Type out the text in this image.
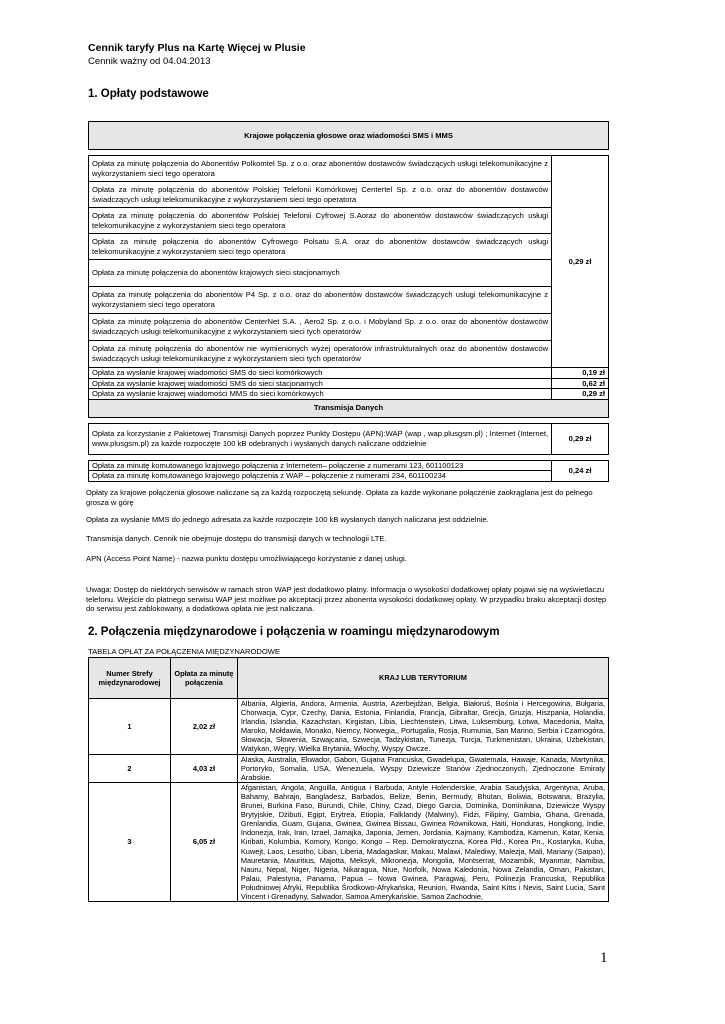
Cennik taryfy Plus na Kartę Więcej w Plusie
Cennik ważny od 04.04.2013
1. Opłaty podstawowe
Krajowe połączenia głosowe oraz wiadomości SMS i MMS	

Opłata za minutę połączenia do Abonentów Polkomtel Sp. z o.o. oraz abonentów dostawców świadczących usługi telekomunikacyjne z wykorzystaniem sieci tego operatora	0,29 zł
Opłata za minutę połączenia do abonentów Polskiej Telefonii Komórkowej Centertel Sp. z o.o. oraz do abonentów dostawców świadczących usługi telekomunikacyjne z wykorzystaniem sieci tego operatora	
Opłata za minutę połączenia do abonentów Polskiej Telefonii Cyfrowej S.Aoraz do abonentów dostawców świadczących usługi telekomunikacyjne z wykorzystaniem sieci tego operatora	
Opłata za minutę połączenia do abonentów Cyfrowego Polsatu S.A. oraz do abonentów dostawców świadczących usługi telekomunikacyjne z wykorzystaniem sieci tego operatora	
Opłata za minutę połączenia do abonentów krajowych sieci stacjonarnych	
Opłata za minutę połączenia do abonentów P4 Sp. z o.o. oraz do abonentów dostawców świadczących usługi telekomunikacyjne z wykorzystaniem sieci tego operatora	
Opłata za minutę połączenia do abonentów CenterNet S.A. , Aero2 Sp. z o.o. i Mobyland Sp. z o.o. oraz do abonentów dostawców świadczących usługi telekomunikacyjne z wykorzystaniem sieci tych operatorów	
Opłata za minutę połączenia do abonentów nie wymienionych wyżej operatorów infrastrukturalnych oraz do abonentów dostawców świadczących usługi telekomunikacyjne z wykorzystaniem sieci tych operatorów	
Opłata za wysłanie krajowej wiadomości SMS do sieci komórkowych	0,19 zł
Opłata za wysłanie krajowej wiadomości SMS do sieci stacjonarnych	0,62 zł
Opłata za wysłanie krajowej wiadomości MMS do sieci komórkowych	0,29 zł
Transmisja Danych	

Opłata za korzystanie z Pakietowej Transmisji Danych poprzez Punkty Dostępu (APN):WAP (wap , wap.plusgsm.pl) ; Internet (Internet, www.plusgsm.pl) za każde rozpoczęte 100 kB odebranych i wysłanych danych naliczane oddzielnie	0,29 zł

Opłata za minutę komutowanego krajowego połączenia z Internetem– połączenie z numerami 123, 601100123	0,24 zł
Opłata za minutę komutowanego krajowego połączenia z WAP – połączenie z numerami 234, 601100234	
Opłaty za krajowe połączenia głosowe naliczane są za każdą rozpoczętą sekundę. Opłata za każde wykonane połączenie zaokrąglana jest do pełnego grosza w górę
Opłata za wysłanie MMS do jednego adresata za każde rozpoczęte 100 kB wysłanych danych naliczana jest oddzielnie.
Transmisja danych. Cennik nie obejmuje dostępu do transmisji danych w technologii LTE.
APN (Access Point Name) - nazwa punktu dostępu umożliwiającego korzystanie z danej usługi.
Uwaga: Dostęp do niektórych serwisów w ramach stron WAP jest dodatkowo płatny. Informacja o wysokości dodatkowej opłaty pojawi się na wyświetlaczu telefonu. Wejście do płatnego serwisu WAP jest możliwe po akceptacji przez abonenta wysokości dodatkowej opłaty. W przypadku braku akceptacji dostęp do serwisu jest zablokowany, a dodatkowa opłata nie jest naliczana.
2. Połączenia międzynarodowe i połączenia w roamingu międzynarodowym
TABELA OPŁAT ZA POŁĄCZENIA MIĘDZYNARODOWE
Numer Strefy międzynarodowej	Opłata za minutę połączenia	KRAJ LUB TERYTORIUM
1	2,02 zł	Albania, Algieria, Andora, Armenia, Austria, Azerbejdżan, Belgia, Białoruś, Bośnia i Hercegowina, Bułgaria, Chorwacja, Cypr, Czechy, Dania, Estonia, Finlandia, Francja, Gibraltar, Grecja, Gruzja, Hiszpania, Holandia, Irlandia, Islandia, Kazachstan, Kirgistan, Libia, Liechtenstein, Litwa, Luksemburg, Łotwa, Macedonia, Malta, Maroko, Mołdawia, Monako, Niemcy, Norwegia,, Portugalia, Rosja, Rumunia, San Marino, Serbia i Czarnogóra, Słowacja, Słowenia, Szwajcaria, Szwecja, Tadżykistan, Tunezja, Turcja, Turkmenistan, Ukraina, Uzbekistan, Watykan, Węgry, Wielka Brytania, Włochy, Wyspy Owcze.
2	4,03 zł	Alaska, Australia, Ekwador, Gabon, Gujana Francuska, Gwadelupa, Gwatemala, Hawaje, Kanada, Martynika, Portoryko, Somalia, USA, Wenezuela, Wyspy Dziewicze Stanów Zjednoczonych, Zjednoczone Emiraty Arabskie.
3	6,05 zł	Afganistan, Angola, Anguilla, Antigua i Barbuda, Antyle Holenderskie, Arabia Saudyjska, Argentyna, Aruba, Bahamy, Bahrajn, Bangladesz, Barbados, Belize, Benin, Bermudy, Bhutan, Boliwia, Botswana, Brazylia, Brunei, Burkina Faso, Burundi, Chile, Chiny, Czad, Diego Garcia, Dominika, Dominikana, Dziewicze Wyspy Brytyjskie, Dżibuti, Egipt, Erytrea, Etiopia, Falklandy (Malwiny), Fidżi, Filipiny, Gambia, Ghana, Grenada, Grenlandia, Guam, Gujana, Gwinea, Gwinea Bissau, Gwinea Równikowa, Haiti, Honduras, Hongkong, Indie, Indonezja, Irak, Iran, Izrael, Jamajka, Japonia, Jemen, Jordania, Kajmany, Kambodża, Kamerun, Katar, Kenia, Kiribati, Kolumbia, Komory, Kongo, Kongo – Rep. Demokratyczna, Korea Płd., Korea Pn., Kostaryka, Kuba, Kuwejt, Laos, Lesotho, Liban, Liberia, Madagaskar, Makau, Malawi, Malediwy, Malezja, Mali, Mariany (Saipan), Mauretania, Mauritius, Majotta, Meksyk, Mikronezja, Mongolia, Montserrat, Mozambik, Myanmar, Namibia, Nauru, Nepal, Niger, Nigeria, Nikaragua, Niue, Norfolk, Nowa Kaledonia, Nowa Zelandia, Oman, Pakistan, Palau, Palestyna, Panama, Papua – Nowa Gwinea, Paragwaj, Peru, Polinezja Francuska, Republika Południowej Afryki, Republika Środkowo-Afrykańska, Reunion, Rwanda, Saint Kitts i Nevis, Saint Lucia, Saint Vincent i Grenadyny, Salwador, Samoa Amerykańskie, Samoa Zachodnie,
1
